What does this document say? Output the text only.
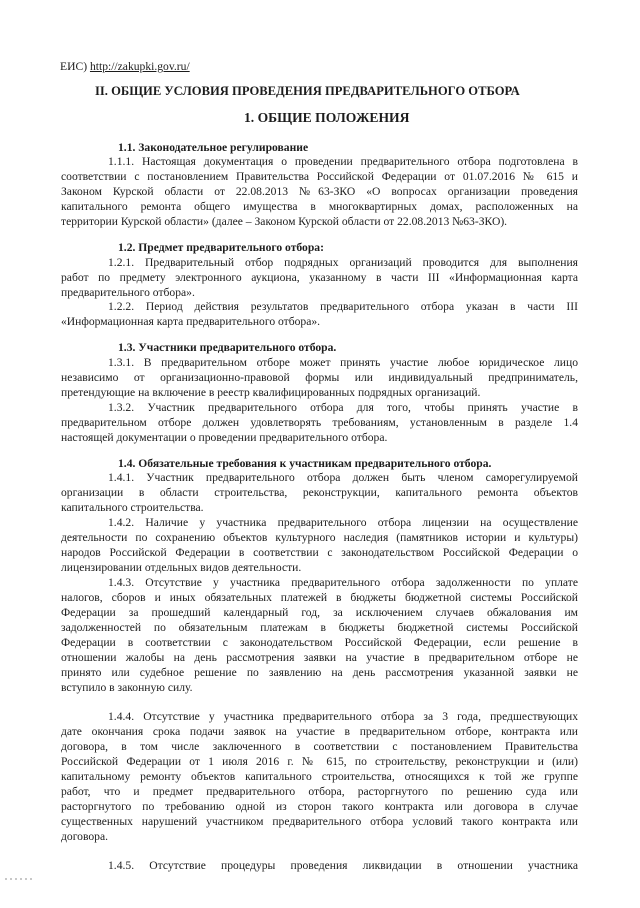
ЕИС) http://zakupki.gov.ru/
II. ОБЩИЕ УСЛОВИЯ ПРОВЕДЕНИЯ ПРЕДВАРИТЕЛЬНОГО ОТБОРА
1. ОБЩИЕ ПОЛОЖЕНИЯ
1.1. Законодательное регулирование
1.1.1. Настоящая документация о проведении предварительного отбора подготовлена в
соответствии с постановлением Правительства Российской Федерации от 01.07.2016 № 615 и
Законом Курской области от 22.08.2013 №63-ЗКО «О вопросах организации проведения
капитального ремонта общего имущества в многоквартирных домах, расположенных на
территории Курской области» (далее – Законом Курской области от 22.08.2013 №63-ЗКО).
1.2. Предмет предварительного отбора:
1.2.1. Предварительный отбор подрядных организаций проводится для выполнения
работ по предмету электронного аукциона, указанному в части III «Информационная карта
предварительного отбора».
1.2.2. Период действия результатов предварительного отбора указан в части III
«Информационная карта предварительного отбора».
1.3. Участники предварительного отбора.
1.3.1. В предварительном отборе может принять участие любое юридическое лицо
независимо от организационно-правовой формы или индивидуальный предприниматель,
претендующие на включение в реестр квалифицированных подрядных организаций.
1.3.2. Участник предварительного отбора для того, чтобы принять участие в
предварительном отборе должен удовлетворять требованиям, установленным в разделе 1.4
настоящей документации о проведении предварительного отбора.
1.4. Обязательные требования к участникам предварительного отбора.
1.4.1. Участник предварительного отбора должен быть членом саморегулируемой
организации в области строительства, реконструкции, капитального ремонта объектов
капитального строительства.
1.4.2. Наличие у участника предварительного отбора лицензии на осуществление
деятельности по сохранению объектов культурного наследия (памятников истории и культуры)
народов Российской Федерации в соответствии с законодательством Российской Федерации о
лицензировании отдельных видов деятельности.
1.4.3. Отсутствие у участника предварительного отбора задолженности по уплате
налогов, сборов и иных обязательных платежей в бюджеты бюджетной системы Российской
Федерации за прошедший календарный год, за исключением случаев обжалования им
задолженностей по обязательным платежам в бюджеты бюджетной системы Российской
Федерации в соответствии с законодательством Российской Федерации, если решение в
отношении жалобы на день рассмотрения заявки на участие в предварительном отборе не
принято или судебное решение по заявлению на день рассмотрения указанной заявки не
вступило в законную силу.
1.4.4. Отсутствие у участника предварительного отбора за 3 года, предшествующих
дате окончания срока подачи заявок на участие в предварительном отборе, контракта или
договора, в том числе заключенного в соответствии с постановлением Правительства
Российской Федерации от 1 июля 2016 г. № 615, по строительству, реконструкции и (или)
капитальному ремонту объектов капитального строительства, относящихся к той же группе
работ, что и предмет предварительного отбора, расторгнутого по решению суда или
расторгнутого по требованию одной из сторон такого контракта или договора в случае
существенных нарушений участником предварительного отбора условий такого контракта или
договора.
1.4.5. Отсутствие процедуры проведения ликвидации в отношении участника
